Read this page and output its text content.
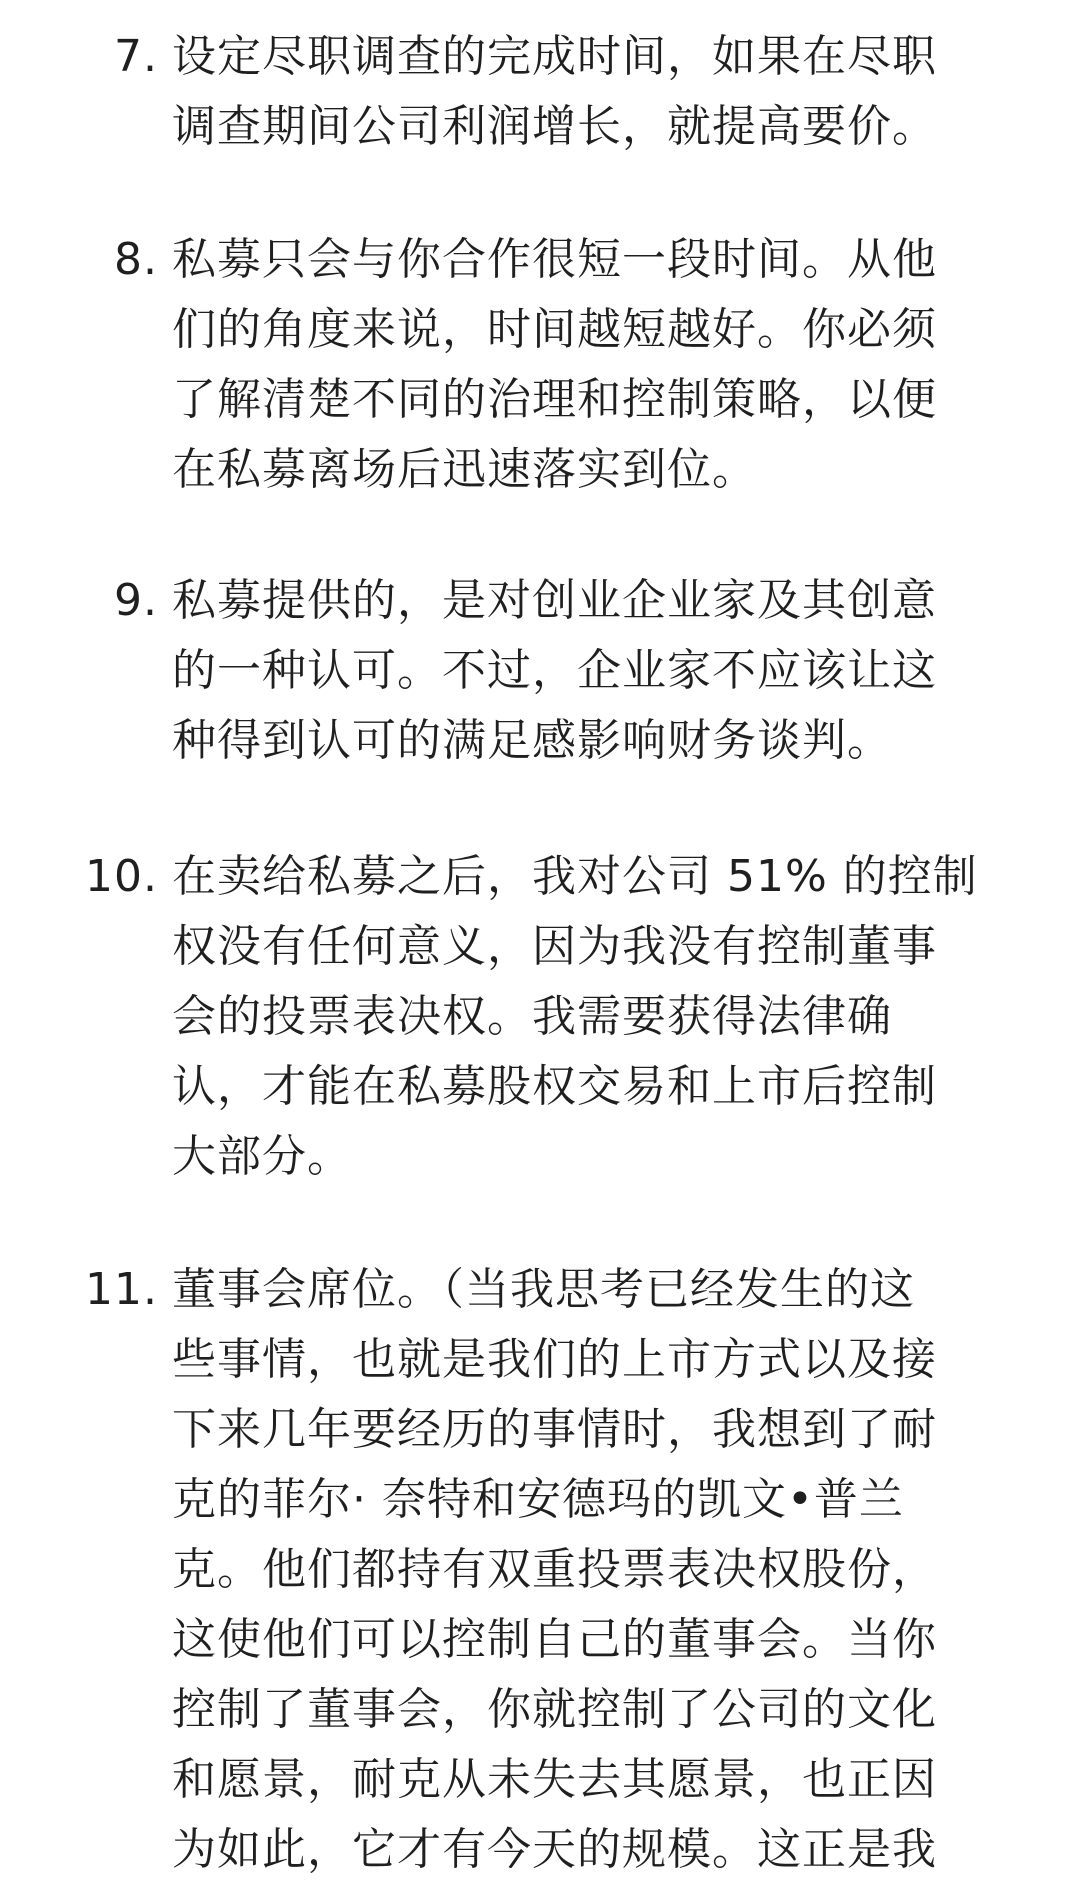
7. 设定尽职调查的完成时间，如果在尽职
调查期间公司利润增长，就提高要价。

8. 私募只会与你合作很短一段时间。从他
们的角度来说，时间越短越好。你必须
了解清楚不同的治理和控制策略，以便
在私募离场后迅速落实到位。

9. 私募提供的，是对创业企业家及其创意
的一种认可。不过，企业家不应该让这
种得到认可的满足感影响财务谈判。

10. 在卖给私募之后，我对公司 51% 的控制
权没有任何意义，因为我没有控制董事
会的投票表决权。我需要获得法律确
认，才能在私募股权交易和上市后控制
大部分。

11. 董事会席位。（当我思考已经发生的这
些事情，也就是我们的上市方式以及接
下来几年要经历的事情时，我想到了耐
克的菲尔· 奈特和安德玛的凯文•普兰
克。他们都持有双重投票表决权股份，
这使他们可以控制自己的董事会。当你
控制了董事会，你就控制了公司的文化
和愿景，耐克从未失去其愿景，也正因
为如此，它才有今天的规模。这正是我
